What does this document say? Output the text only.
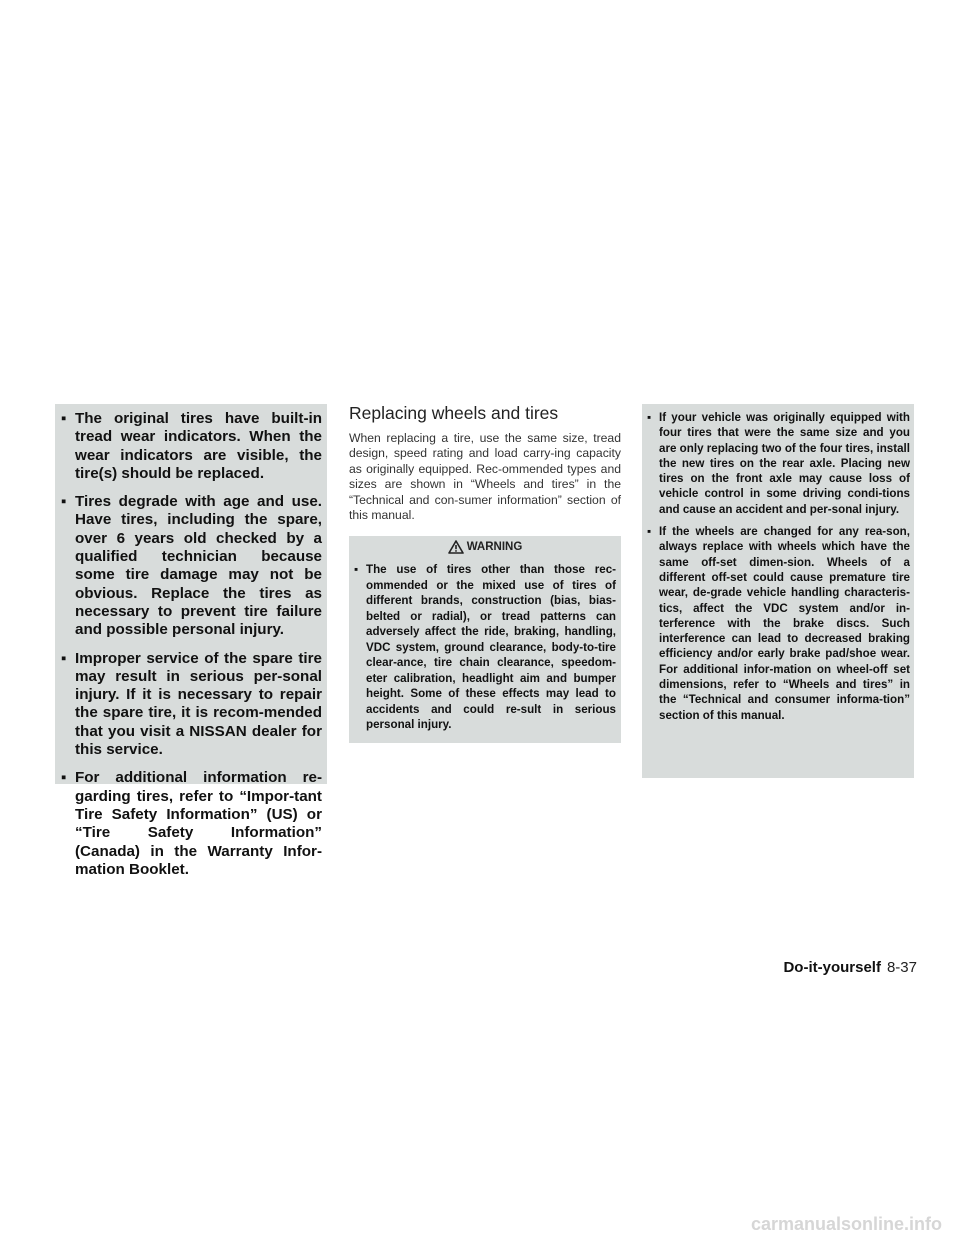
▪ The original tires have built-in tread wear indicators. When the wear indicators are visible, the tire(s) should be replaced.
▪ Tires degrade with age and use. Have tires, including the spare, over 6 years old checked by a qualified technician because some tire damage may not be obvious. Replace the tires as necessary to prevent tire failure and possible personal injury.
▪ Improper service of the spare tire may result in serious per-sonal injury. If it is necessary to repair the spare tire, it is recom-mended that you visit a NISSAN dealer for this service.
▪ For additional information re-garding tires, refer to “Impor-tant Tire Safety Information” (US) or “Tire Safety Information” (Canada) in the Warranty Infor-mation Booklet.
Replacing wheels and tires

When replacing a tire, use the same size, tread design, speed rating and load carry-ing capacity as originally equipped. Rec-ommended types and sizes are shown in “Wheels and tires” in the “Technical and con-sumer information” section of this manual.

▪ The use of tires other than those rec-ommended or the mixed use of tires of different brands, construction (bias, bias-belted or radial), or tread patterns can adversely affect the ride, braking, handling, VDC system, ground clearance, body-to-tire clear-ance, tire chain clearance, speedom-eter calibration, headlight aim and bumper height. Some of these effects may lead to accidents and could re-sult in serious personal injury.
WARNING
▪ If your vehicle was originally equipped with four tires that were the same size and you are only replacing two of the four tires, install the new tires on the rear axle. Placing new tires on the front axle may cause loss of vehicle control in some driving condi-tions and cause an accident and per-sonal injury.
▪ If the wheels are changed for any rea-son, always replace with wheels which have the same off-set dimen-sion. Wheels of a different off-set could cause premature tire wear, de-grade vehicle handling characteris-tics, affect the VDC system and/or in-terference with the brake discs. Such interference can lead to decreased braking efficiency and/or early brake pad/shoe wear. For additional infor-mation on wheel-off set dimensions, refer to “Wheels and tires” in the “Technical and consumer informa-tion” section of this manual.
Do-it-yourself 8-37
carmanualsonline.info
